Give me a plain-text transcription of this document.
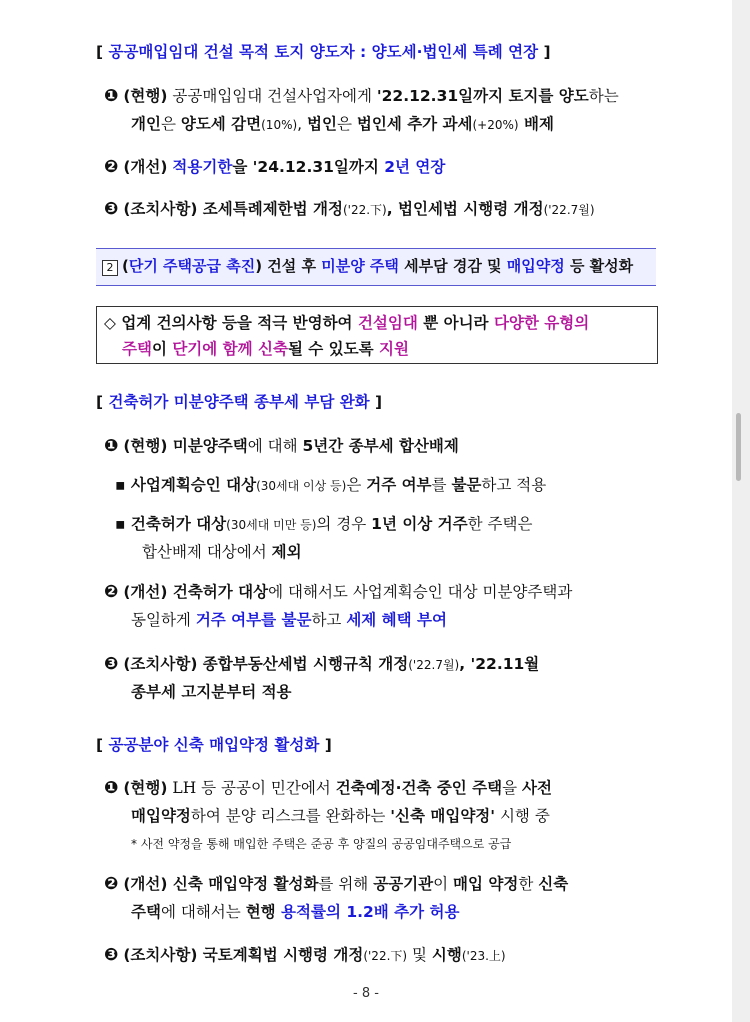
[ 공공매입임대 건설 목적 토지 양도자 : 양도세·법인세 특례 연장 ]
❶ (현행) 공공매입임대 건설사업자에게 '22.12.31일까지 토지를 양도하는
개인은 양도세 감면(10%), 법인은 법인세 추가 과세(+20%) 배제
❷ (개선) 적용기한을 '24.12.31일까지 2년 연장
❸ (조치사항) 조세특례제한법 개정('22.下), 법인세법 시행령 개정('22.7월)
2 (단기 주택공급 촉진) 건설 후 미분양 주택 세부담 경감 및 매입약정 등 활성화
◇ 업계 건의사항 등을 적극 반영하여 건설임대 뿐 아니라 다양한 유형의
주택이 단기에 함께 신축될 수 있도록 지원
[ 건축허가 미분양주택 종부세 부담 완화 ]
❶ (현행) 미분양주택에 대해 5년간 종부세 합산배제
▪ 사업계획승인 대상(30세대 이상 등)은 거주 여부를 불문하고 적용
▪ 건축허가 대상(30세대 미만 등)의 경우 1년 이상 거주한 주택은
합산배제 대상에서 제외
❷ (개선) 건축허가 대상에 대해서도 사업계획승인 대상 미분양주택과
동일하게 거주 여부를 불문하고 세제 혜택 부여
❸ (조치사항) 종합부동산세법 시행규칙 개정('22.7월), '22.11월
종부세 고지분부터 적용
[ 공공분야 신축 매입약정 활성화 ]
❶ (현행) LH 등 공공이 민간에서 건축예정·건축 중인 주택을 사전
매입약정하여 분양 리스크를 완화하는 '신축 매입약정' 시행 중
* 사전 약정을 통해 매입한 주택은 준공 후 양질의 공공임대주택으로 공급
❷ (개선) 신축 매입약정 활성화를 위해 공공기관이 매입 약정한 신축
주택에 대해서는 현행 용적률의 1.2배 추가 허용
❸ (조치사항) 국토계획법 시행령 개정('22.下) 및 시행('23.上)
- 8 -
